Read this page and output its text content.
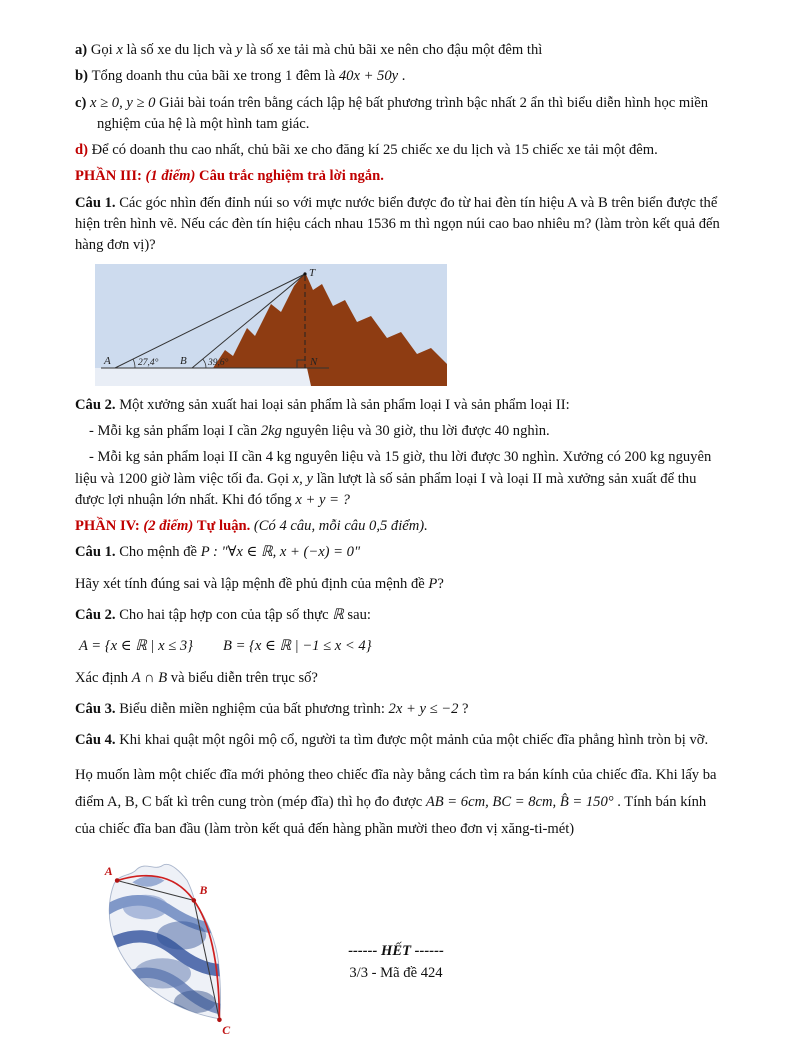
a) Gọi x là số xe du lịch và y là số xe tải mà chủ bãi xe nên cho đậu một đêm thì

b) Tổng doanh thu của bãi xe trong 1 đêm là 40x + 50y .

c) x ≥ 0, y ≥ 0 Giải bài toán trên bằng cách lập hệ bất phương trình bậc nhất 2 ẩn thì biểu diễn hình học miền nghiệm của hệ là một hình tam giác.

d) Để có doanh thu cao nhất, chủ bãi xe cho đăng kí 25 chiếc xe du lịch và 15 chiếc xe tải một đêm.

PHẦN III: (1 điểm) Câu trắc nghiệm trả lời ngắn.

Câu 1. Các góc nhìn đến đỉnh núi so với mực nước biển được đo từ hai đèn tín hiệu A và B trên biển được thể hiện trên hình vẽ. Nếu các đèn tín hiệu cách nhau 1536 m thì ngọn núi cao bao nhiêu m? (làm tròn kết quả đến hàng đơn vị)?

T
A	27,4° B 39,6°	N

Câu 2. Một xưởng sản xuất hai loại sản phẩm là sản phẩm loại I và sản phẩm loại II:

- Mỗi kg sản phẩm loại I cần 2kg nguyên liệu và 30 giờ, thu lời được 40 nghìn.

- Mỗi kg sản phẩm loại II cần 4 kg nguyên liệu và 15 giờ, thu lời được 30 nghìn. Xưởng có 200 kg nguyên liệu và 1200 giờ làm việc tối đa. Gọi x, y lần lượt là số sản phẩm loại I và loại II mà xưởng sản xuất để thu được lợi nhuận lớn nhất. Khi đó tổng x + y = ?

PHẦN IV: (2 điểm) Tự luận. (Có 4 câu, mỗi câu 0,5 điểm).

Câu 1. Cho mệnh đề P : "∀x ∈ ℝ, x + (−x) = 0"

Hãy xét tính đúng sai và lập mệnh đề phủ định của mệnh đề P?

Câu 2. Cho hai tập hợp con của tập số thực ℝ sau:

A = {x ∈ ℝ | x ≤ 3} B = {x ∈ ℝ | −1 ≤ x < 4}

Xác định A ∩ B và biểu diễn trên trục số?

Câu 3. Biểu diễn miền nghiệm của bất phương trình: 2x + y ≤ −2 ?

Câu 4. Khi khai quật một ngôi mộ cổ, người ta tìm được một mảnh của một chiếc đĩa phẳng hình tròn bị vỡ.

Họ muốn làm một chiếc đĩa mới phỏng theo chiếc đĩa này bằng cách tìm ra bán kính của chiếc đĩa. Khi lấy ba điểm A, B, C bất kì trên cung tròn (mép đĩa) thì họ đo được AB = 6cm, BC = 8cm, B̂ = 150° . Tính bán kính của chiếc đĩa ban đầu (làm tròn kết quả đến hàng phần mười theo đơn vị xăng-ti-mét)

A
B
C
------ HẾT ------
3/3 - Mã đề 424
